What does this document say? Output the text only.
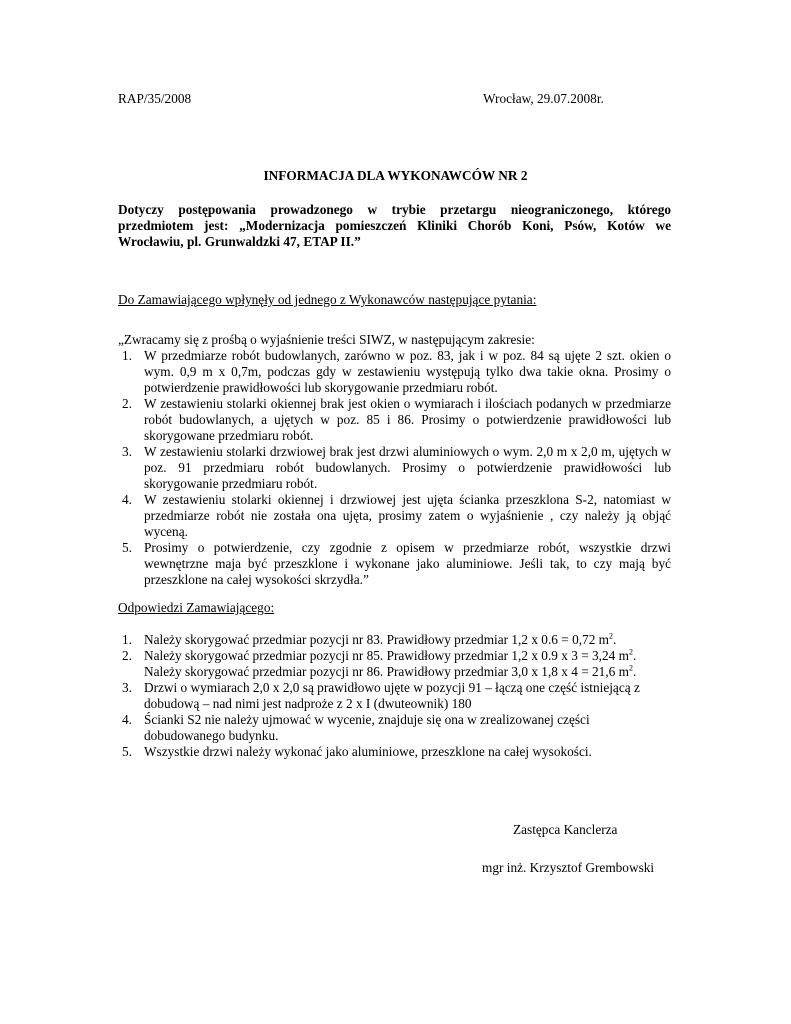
RAP/35/2008	Wrocław, 29.07.2008r.
INFORMACJA DLA WYKONAWCÓW NR 2

Dotyczy postępowania prowadzonego w trybie przetargu nieograniczonego, którego przedmiotem jest: „Modernizacja pomieszczeń Kliniki Chorób Koni, Psów, Kotów we Wrocławiu, pl. Grunwaldzki 47, ETAP II.”

Do Zamawiającego wpłynęły od jednego z Wykonawców następujące pytania:
„Zwracamy się z prośbą o wyjaśnienie treści SIWZ, w następującym zakresie:
1. W przedmiarze robót budowlanych, zarówno w poz. 83, jak i w poz. 84 są ujęte 2 szt. okien o wym. 0,9 m x 0,7m, podczas gdy w zestawieniu występują tylko dwa takie okna. Prosimy o potwierdzenie prawidłowości lub skorygowanie przedmiaru robót.
2. W zestawieniu stolarki okiennej brak jest okien o wymiarach i ilościach podanych w przedmiarze robót budowlanych, a ujętych w poz. 85 i 86. Prosimy o potwierdzenie prawidłowości lub skorygowane przedmiaru robót.
3. W zestawieniu stolarki drzwiowej brak jest drzwi aluminiowych o wym. 2,0 m x 2,0 m, ujętych w poz. 91 przedmiaru robót budowlanych. Prosimy o potwierdzenie prawidłowości lub skorygowanie przedmiaru robót.
4. W zestawieniu stolarki okiennej i drzwiowej jest ujęta ścianka przeszklona S-2, natomiast w przedmiarze robót nie została ona ujęta, prosimy zatem o wyjaśnienie , czy należy ją objąć wyceną.
5. Prosimy o potwierdzenie, czy zgodnie z opisem w przedmiarze robót, wszystkie drzwi wewnętrzne maja być przeszklone i wykonane jako aluminiowe. Jeśli tak, to czy mają być przeszklone na całej wysokości skrzydła.”
Odpowiedzi Zamawiającego:
1. Należy skorygować przedmiar pozycji nr 83. Prawidłowy przedmiar 1,2 x 0.6 = 0,72 $m^2$.
2. Należy skorygować przedmiar pozycji nr 85. Prawidłowy przedmiar 1,2 x 0.9 x 3 = 3,24 $m^2$.
Należy skorygować przedmiar pozycji nr 86. Prawidłowy przedmiar 3,0 x 1,8 x 4 = 21,6 $m^2$.
3. Drzwi o wymiarach 2,0 x 2,0 są prawidłowo ujęte w pozycji 91 – łączą one część istniejącą z dobudową – nad nimi jest nadproże z 2 x I (dwuteownik) 180
4. Ścianki S2 nie należy ujmować w wycenie, znajduje się ona w zrealizowanej części dobudowanego budynku.
5. Wszystkie drzwi należy wykonać jako aluminiowe, przeszklone na całej wysokości.
Zastępca Kanclerza
mgr inż. Krzysztof Grembowski
